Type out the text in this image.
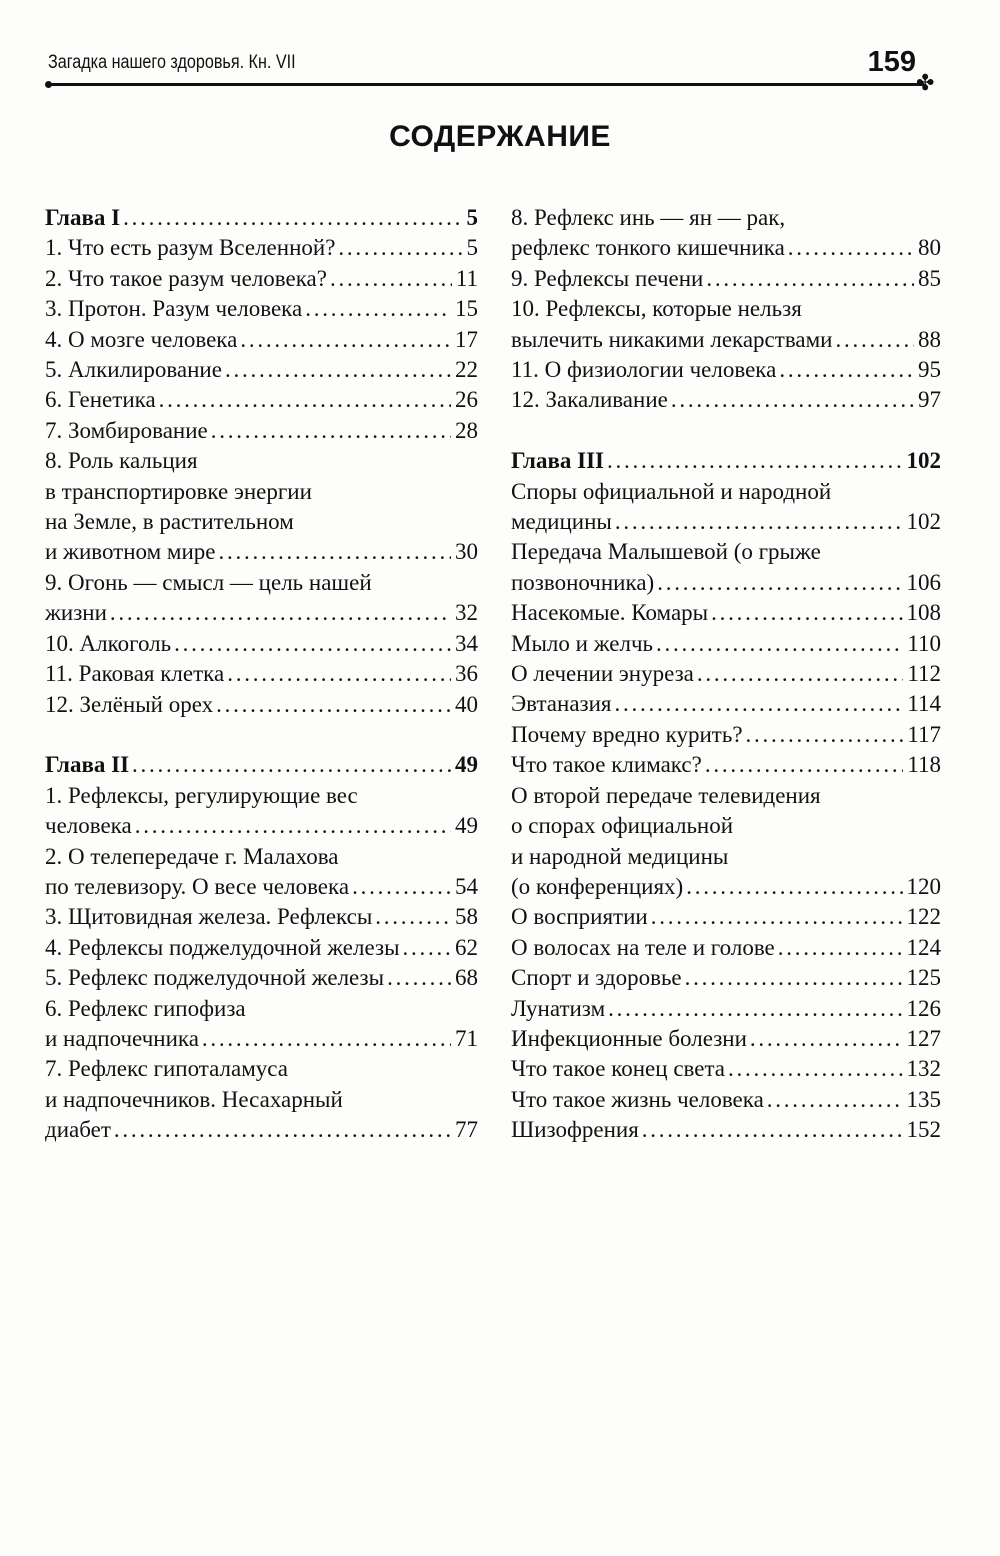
Загадка нашего здоровья. Кн. VII	159
✤
СОДЕРЖАНИЕ
Глава I . . .	5
1. Что есть разум Вселенной? . . .	5
2. Что такое разум человека? . . .	11
3. Протон. Разум человека . . .	15
4. О мозге человека . . .	17
5. Алкилирование . . .	22
6. Генетика . . .	26
7. Зомбирование . . .	28
8. Роль кальция
в транспортировке энергии
на Земле, в растительном
и животном мире . . .	30
9. Огонь — смысл — цель нашей
жизни . . .	32
10. Алкоголь . . .	34
11. Раковая клетка . . .	36
12. Зелёный орех . . .	40
Глава II . . .	49
1. Рефлексы, регулирующие вес
человека . . .	49
2. О телепередаче г. Малахова
по телевизору. О весе человека . . .	54
3. Щитовидная железа. Рефлексы . . .	58
4. Рефлексы поджелудочной железы . . . 62
5. Рефлекс поджелудочной железы . . .	68
6. Рефлекс гипофиза
и надпочечника . . .	71
7. Рефлекс гипоталамуса
и надпочечников. Несахарный
диабет . . .	77
8. Рефлекс инь — ян — рак,
рефлекс тонкого кишечника . . .	80
9. Рефлексы печени . . .	85
10. Рефлексы, которые нельзя
вылечить никакими лекарствами . . .	88
11. О физиологии человека . . .	95
12. Закаливание . . .	97
Глава III . . .	102
Споры официальной и народной
медицины . . .	102
Передача Малышевой (о грыже
позвоночника) . . .	106
Насекомые. Комары . . .	108
Мыло и желчь . . .	110
О лечении энуреза . . .	112
Эвтаназия . . .	114
Почему вредно курить? . . .	117
Что такое климакс? . . .	118
О второй передаче телевидения
о спорах официальной
и народной медицины
(о конференциях) . . .	120
О восприятии . . .	122
О волосах на теле и голове . . .	124
Спорт и здоровье . . .	125
Лунатизм . . .	126
Инфекционные болезни . . .	127
Что такое конец света . . .	132
Что такое жизнь человека . . .	135
Шизофрения . . .	152
